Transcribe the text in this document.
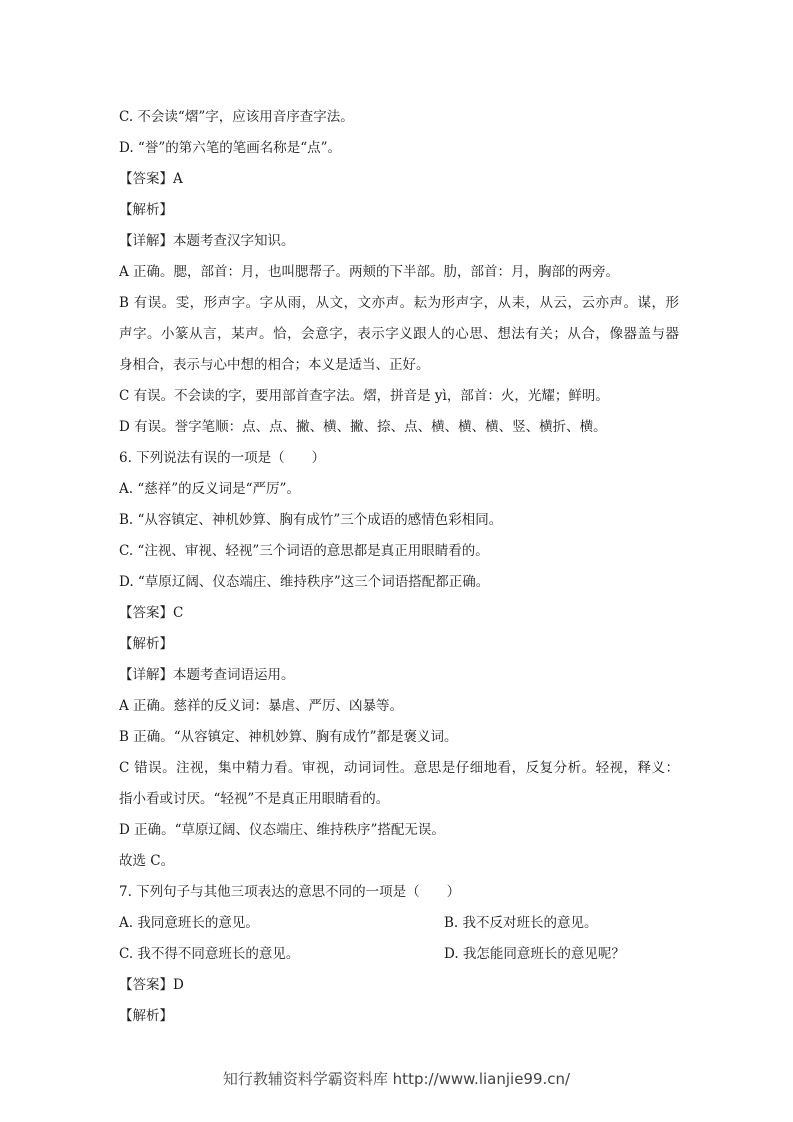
C. 不会读“熠”字，应该用音序查字法。
D. “誉”的第六笔的笔画名称是“点”。
【答案】A
【解析】
【详解】本题考查汉字知识。
A 正确。腮，部首：月，也叫腮帮子。两颊的下半部。肋，部首：月，胸部的两旁。
B 有误。雯，形声字。字从雨，从文，文亦声。耘为形声字，从耒，从云，云亦声。谋，形
声字。小篆从言，某声。恰，会意字，表示字义跟人的心思、想法有关；从合，像器盖与器
身相合，表示与心中想的相合；本义是适当、正好。
C 有误。不会读的字，要用部首查字法。熠，拼音是 yì，部首：火，光耀；鲜明。
D 有误。誉字笔顺：点、点、撇、横、撇、捺、点、横、横、横、竖、横折、横。
6. 下列说法有误的一项是（　　）
A. “慈祥”的反义词是“严厉”。
B. “从容镇定、神机妙算、胸有成竹”三个成语的感情色彩相同。
C. “注视、审视、轻视”三个词语的意思都是真正用眼睛看的。
D. “草原辽阔、仪态端庄、维持秩序”这三个词语搭配都正确。
【答案】C
【解析】
【详解】本题考查词语运用。
A 正确。慈祥的反义词：暴虐、严厉、凶暴等。
B 正确。“从容镇定、神机妙算、胸有成竹”都是褒义词。
C 错误。注视，集中精力看。审视，动词词性。意思是仔细地看，反复分析。轻视，释义：
指小看或讨厌。“轻视”不是真正用眼睛看的。
D 正确。“草原辽阔、仪态端庄、维持秩序”搭配无误。
故选 C。
7. 下列句子与其他三项表达的意思不同的一项是（　　）
A. 我同意班长的意见。	B. 我不反对班长的意见。
C. 我不得不同意班长的意见。	D. 我怎能同意班长的意见呢？
【答案】D
【解析】
知行教辅资料学霸资料库 http://www.lianjie99.cn/
